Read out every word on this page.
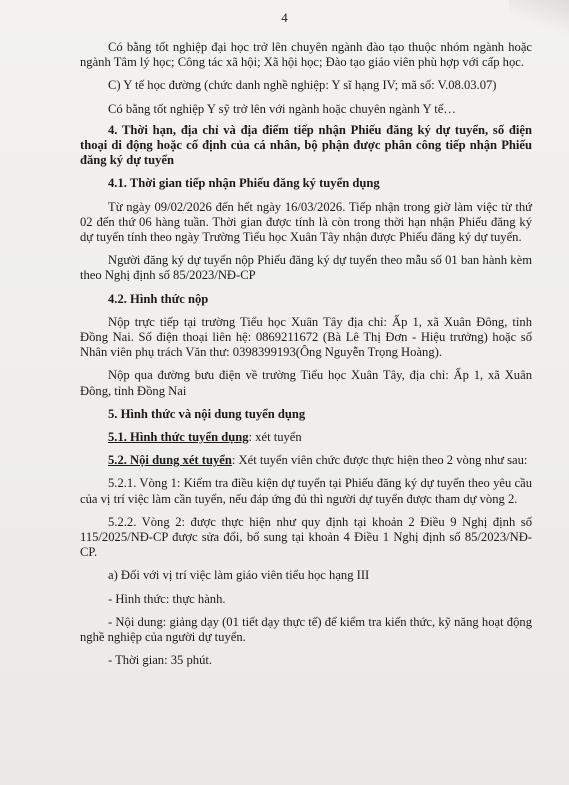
4

Có bằng tốt nghiệp đại học trở lên chuyên ngành đào tạo thuộc nhóm ngành hoặc ngành Tâm lý học; Công tác xã hội; Xã hội học; Đào tạo giáo viên phù hợp với cấp học.

C) Y tế học đường (chức danh nghề nghiệp: Y sĩ hạng IV; mã số: V.08.03.07)

Có bằng tốt nghiệp Y sỹ trở lên với ngành hoặc chuyên ngành Y tế…

4. Thời hạn, địa chỉ và địa điểm tiếp nhận Phiếu đăng ký dự tuyển, số điện thoại di động hoặc cố định của cá nhân, bộ phận được phân công tiếp nhận Phiếu đăng ký dự tuyển

4.1. Thời gian tiếp nhận Phiếu đăng ký tuyển dụng

Từ ngày 09/02/2026 đến hết ngày 16/03/2026. Tiếp nhận trong giờ làm việc từ thứ 02 đến thứ 06 hàng tuần. Thời gian được tính là còn trong thời hạn nhận Phiếu đăng ký dự tuyển tính theo ngày Trường Tiểu học Xuân Tây nhận được Phiếu đăng ký dự tuyển.

Người đăng ký dự tuyển nộp Phiếu đăng ký dự tuyển theo mẫu số 01 ban hành kèm theo Nghị định số 85/2023/NĐ-CP

4.2. Hình thức nộp

Nộp trực tiếp tại trường Tiểu học Xuân Tây địa chỉ: Ấp 1, xã Xuân Đông, tỉnh Đồng Nai. Số điện thoại liên hệ: 0869211672 (Bà Lê Thị Đơn - Hiệu trưởng) hoặc số Nhân viên phụ trách Văn thư: 0398399193(Ông Nguyễn Trọng Hoàng).

Nộp qua đường bưu điện về trường Tiểu học Xuân Tây, địa chỉ: Ấp 1, xã Xuân Đông, tỉnh Đồng Nai

5. Hình thức và nội dung tuyển dụng

5.1. Hình thức tuyển dụng: xét tuyển

5.2. Nội dung xét tuyển: Xét tuyển viên chức được thực hiện theo 2 vòng như sau:

5.2.1. Vòng 1: Kiểm tra điều kiện dự tuyển tại Phiếu đăng ký dự tuyển theo yêu cầu của vị trí việc làm cần tuyển, nếu đáp ứng đủ thì người dự tuyển được tham dự vòng 2.

5.2.2. Vòng 2: được thực hiện như quy định tại khoản 2 Điều 9 Nghị định số 115/2025/NĐ-CP được sửa đổi, bổ sung tại khoản 4 Điều 1 Nghị định số 85/2023/NĐ-CP.

a) Đối với vị trí việc làm giáo viên tiểu học hạng III

- Hình thức: thực hành.

- Nội dung: giảng dạy (01 tiết dạy thực tế) để kiểm tra kiến thức, kỹ năng hoạt động nghề nghiệp của người dự tuyển.

- Thời gian: 35 phút.
